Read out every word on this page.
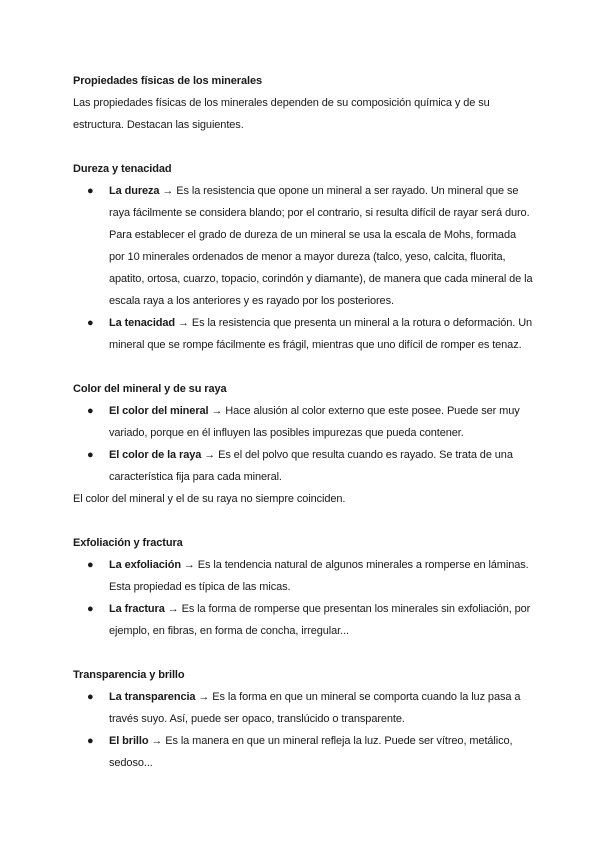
Propiedades físicas de los minerales

Las propiedades físicas de los minerales dependen de su composición química y de su estructura. Destacan las siguientes.

Dureza y tenacidad
● La dureza → Es la resistencia que opone un mineral a ser rayado. Un mineral que se raya fácilmente se considera blando; por el contrario, si resulta difícil de rayar será duro. Para establecer el grado de dureza de un mineral se usa la escala de Mohs, formada por 10 minerales ordenados de menor a mayor dureza (talco, yeso, calcita, fluorita, apatito, ortosa, cuarzo, topacio, corindón y diamante), de manera que cada mineral de la escala raya a los anteriores y es rayado por los posteriores.
● La tenacidad → Es la resistencia que presenta un mineral a la rotura o deformación. Un mineral que se rompe fácilmente es frágil, mientras que uno difícil de romper es tenaz.
Color del mineral y de su raya
● El color del mineral → Hace alusión al color externo que este posee. Puede ser muy variado, porque en él influyen las posibles impurezas que pueda contener.
● El color de la raya → Es el del polvo que resulta cuando es rayado. Se trata de una característica fija para cada mineral.

El color del mineral y el de su raya no siempre coinciden.

Exfoliación y fractura
● La exfoliación → Es la tendencia natural de algunos minerales a romperse en láminas. Esta propiedad es típica de las micas.
● La fractura → Es la forma de romperse que presentan los minerales sin exfoliación, por ejemplo, en fibras, en forma de concha, irregular...
Transparencia y brillo
● La transparencia → Es la forma en que un mineral se comporta cuando la luz pasa a través suyo. Así, puede ser opaco, translúcido o transparente.
● El brillo → Es la manera en que un mineral refleja la luz. Puede ser vítreo, metálico, sedoso...
